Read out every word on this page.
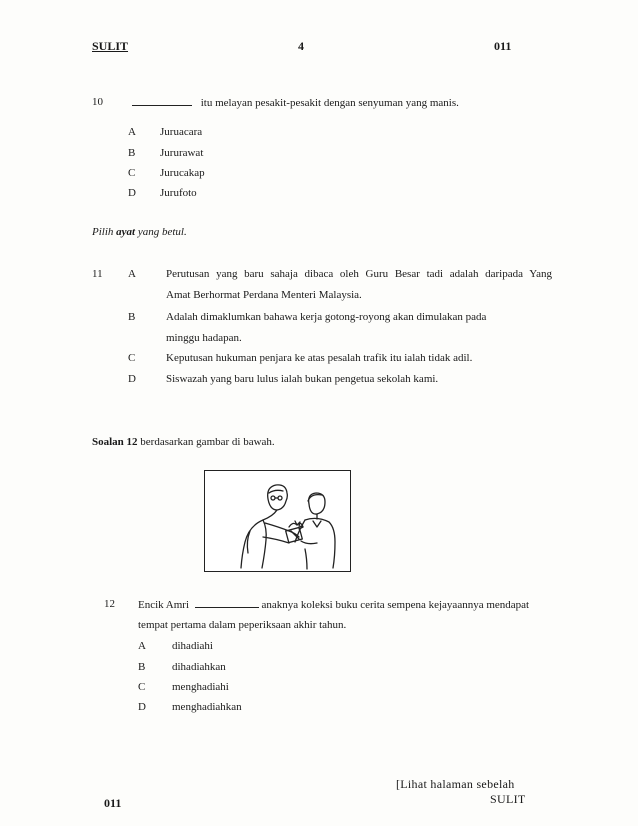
SULIT	4	011
10	itu melayan pesakit-pesakit dengan senyuman yang manis.
A Juruacara
B Jururawat
C Jurucakap
D Jurufoto
Pilih ayat yang betul.
11 A	Perutusan yang baru sahaja dibaca oleh Guru Besar tadi adalah daripada Yang
Amat Berhormat Perdana Menteri Malaysia.
B	Adalah dimaklumkan bahawa kerja gotong-royong akan dimulakan pada
minggu hadapan.
C	Keputusan hukuman penjara ke atas pesalah trafik itu ialah tidak adil.
D	Siswazah yang baru lulus ialah bukan pengetua sekolah kami.
Soalan 12 berdasarkan gambar di bawah.
12 Encik Amri	anaknya koleksi buku cerita sempena kejayaannya mendapat
tempat pertama dalam peperiksaan akhir tahun.
A dihadiahi
B dihadiahkan
C menghadiahi
D menghadiahkan
[Lihat halaman sebelah
SULIT
011
